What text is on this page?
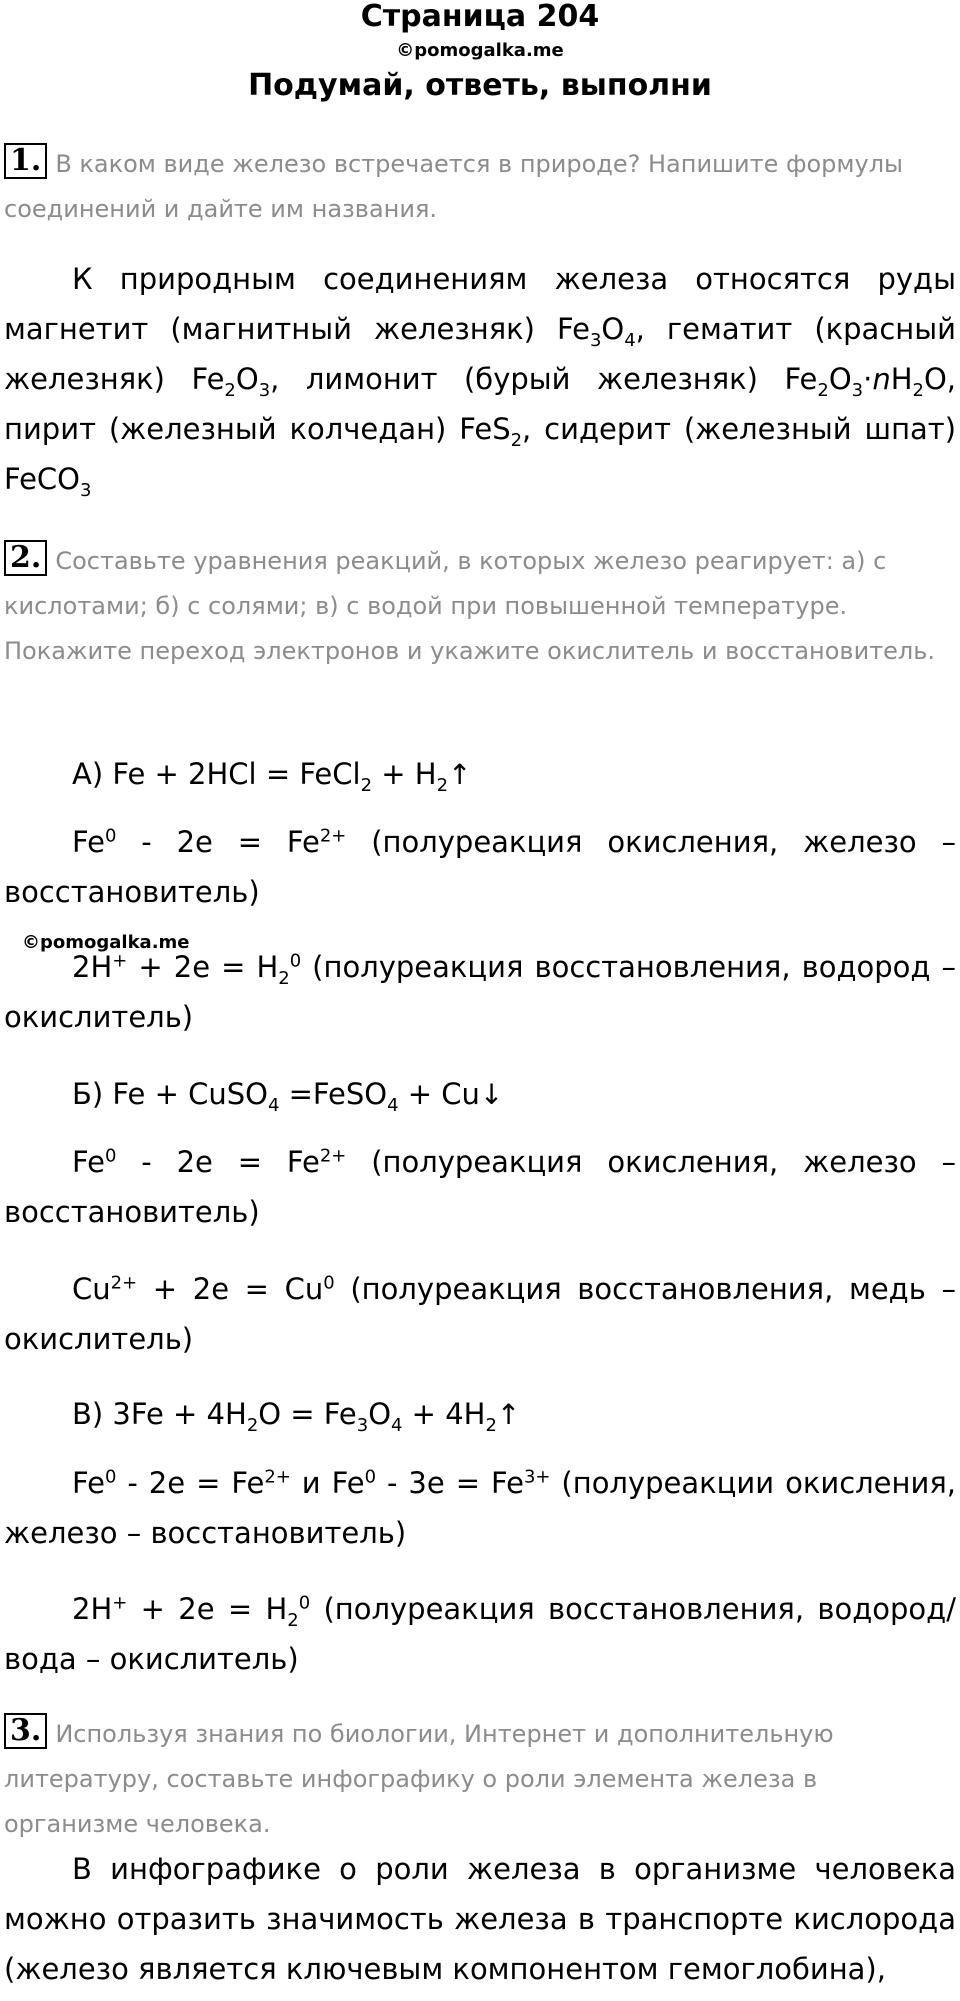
Страница 204
©pomogalka.me
Подумай, ответь, выполни
1. В каком виде железо встречается в природе? Напишите формулы соединений и дайте им названия.
К природным соединениям железа относятся руды магнетит (магнитный железняк) $Fe_3O_4$, гематит (красный железняк) $Fe_2O_3$, лимонит (бурый железняк) $Fe_2O_3\cdot nH_2O$, пирит (железный колчедан) FeS$_2$, сидерит (железный шпат) FeCO$_3$
2. Составьте уравнения реакций, в которых железо реагирует: а) с кислотами; б) с солями; в) с водой при повышенной температуре. Покажите переход электронов и укажите окислитель и восстановитель.
А) Fe + 2HCl = FeCl$_2$ + $H_2↑$
$Fe^0 - 2e = Fe^{2+}$ (полуреакция окисления, железо – восстановитель)
©pomogalka.me
$2H^+ + 2e = H_2^0$ (полуреакция восстановления, водород – окислитель)
Б) Fe + CuSO$_4$ =FeSO$_4$ + Cu↓
$Fe^0 - 2e = Fe^{2+}$ (полуреакция окисления, железо – восстановитель)
$Cu^{2+} + 2e = Cu^0$ (полуреакция восстановления, медь – окислитель)
В) $3Fe + 4H_2O = Fe_3O_4$ + $4H_2↑$
$Fe^0 - 2e = Fe^{2+}$ и $Fe^0 - 3e = Fe^{3+}$ (полуреакции окисления, железо – восстановитель)
$2H^+ + 2e = H_2^0$ (полуреакция восстановления, водород/вода – окислитель)
3. Используя знания по биологии, Интернет и дополнительную литературу, составьте инфографику о роли элемента железа в организме человека.
В инфографике о роли железа в организме человека можно отразить значимость железа в транспорте кислорода (железо является ключевым компонентом гемоглобина),
